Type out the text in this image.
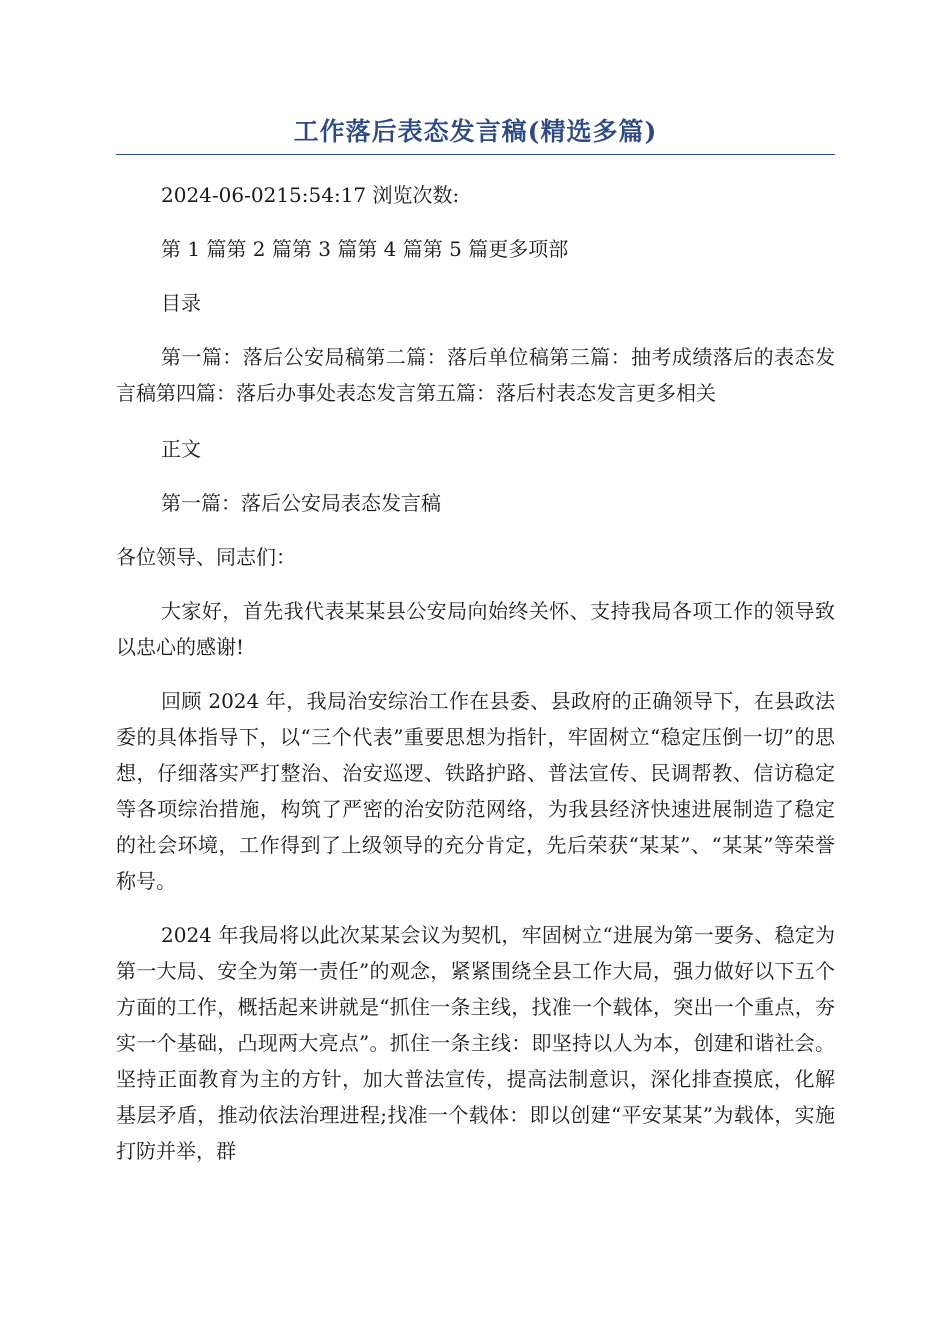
工作落后表态发言稿(精选多篇)

2024-06-0215:54:17 浏览次数:

第 1 篇第 2 篇第 3 篇第 4 篇第 5 篇更多项部

目录

第一篇：落后公安局稿第二篇：落后单位稿第三篇：抽考成绩落后的表态发言稿第四篇：落后办事处表态发言第五篇：落后村表态发言更多相关

正文

第一篇：落后公安局表态发言稿

各位领导、同志们：

大家好，首先我代表某某县公安局向始终关怀、支持我局各项工作的领导致以忠心的感谢!

回顾 2024 年，我局治安综治工作在县委、县政府的正确领导下，在县政法委的具体指导下，以“三个代表”重要思想为指针，牢固树立“稳定压倒一切”的思想，仔细落实严打整治、治安巡逻、铁路护路、普法宣传、民调帮教、信访稳定等各项综治措施，构筑了严密的治安防范网络，为我县经济快速进展制造了稳定的社会环境，工作得到了上级领导的充分肯定，先后荣获“某某”、“某某”等荣誉称号。

2024 年我局将以此次某某会议为契机，牢固树立“进展为第一要务、稳定为第一大局、安全为第一责任”的观念，紧紧围绕全县工作大局，强力做好以下五个方面的工作，概括起来讲就是“抓住一条主线，找准一个载体，突出一个重点，夯实一个基础，凸现两大亮点”。抓住一条主线：即坚持以人为本，创建和谐社会。坚持正面教育为主的方针，加大普法宣传，提高法制意识，深化排查摸底，化解基层矛盾，推动依法治理进程;找准一个载体：即以创建“平安某某”为载体，实施打防并举，群
